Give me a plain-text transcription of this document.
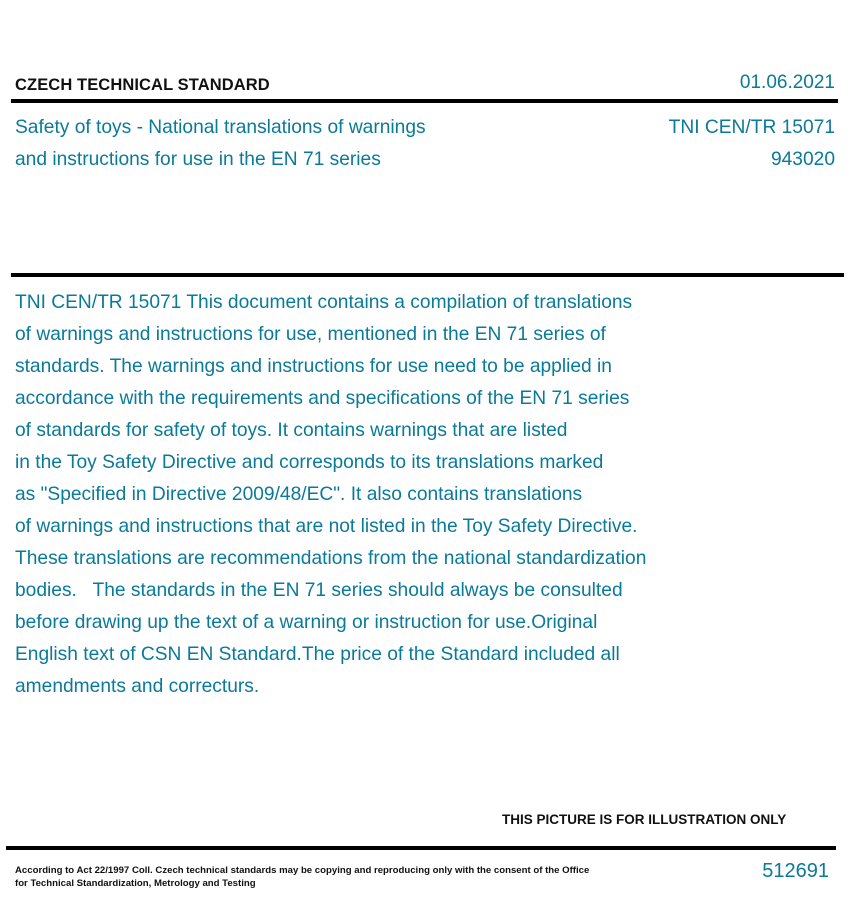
CZECH TECHNICAL STANDARD	01.06.2021
Safety of toys - National translations of warnings
and instructions for use in the EN 71 series
TNI CEN/TR 15071
943020
TNI CEN/TR 15071 This document contains a compilation of translations
of warnings and instructions for use, mentioned in the EN 71 series of
standards. The warnings and instructions for use need to be applied in
accordance with the requirements and specifications of the EN 71 series
of standards for safety of toys. It contains warnings that are listed
in the Toy Safety Directive and corresponds to its translations marked
as "Specified in Directive 2009/48/EC". It also contains translations
of warnings and instructions that are not listed in the Toy Safety Directive.
These translations are recommendations from the national standardization
bodies.   The standards in the EN 71 series should always be consulted
before drawing up the text of a warning or instruction for use.Original
English text of CSN EN Standard.The price of the Standard included all
amendments and correcturs.
THIS PICTURE IS FOR ILLUSTRATION ONLY
According to Act 22/1997 Coll. Czech technical standards may be copying and reproducing only with the consent of the Office
for Technical Standardization, Metrology and Testing
512691
